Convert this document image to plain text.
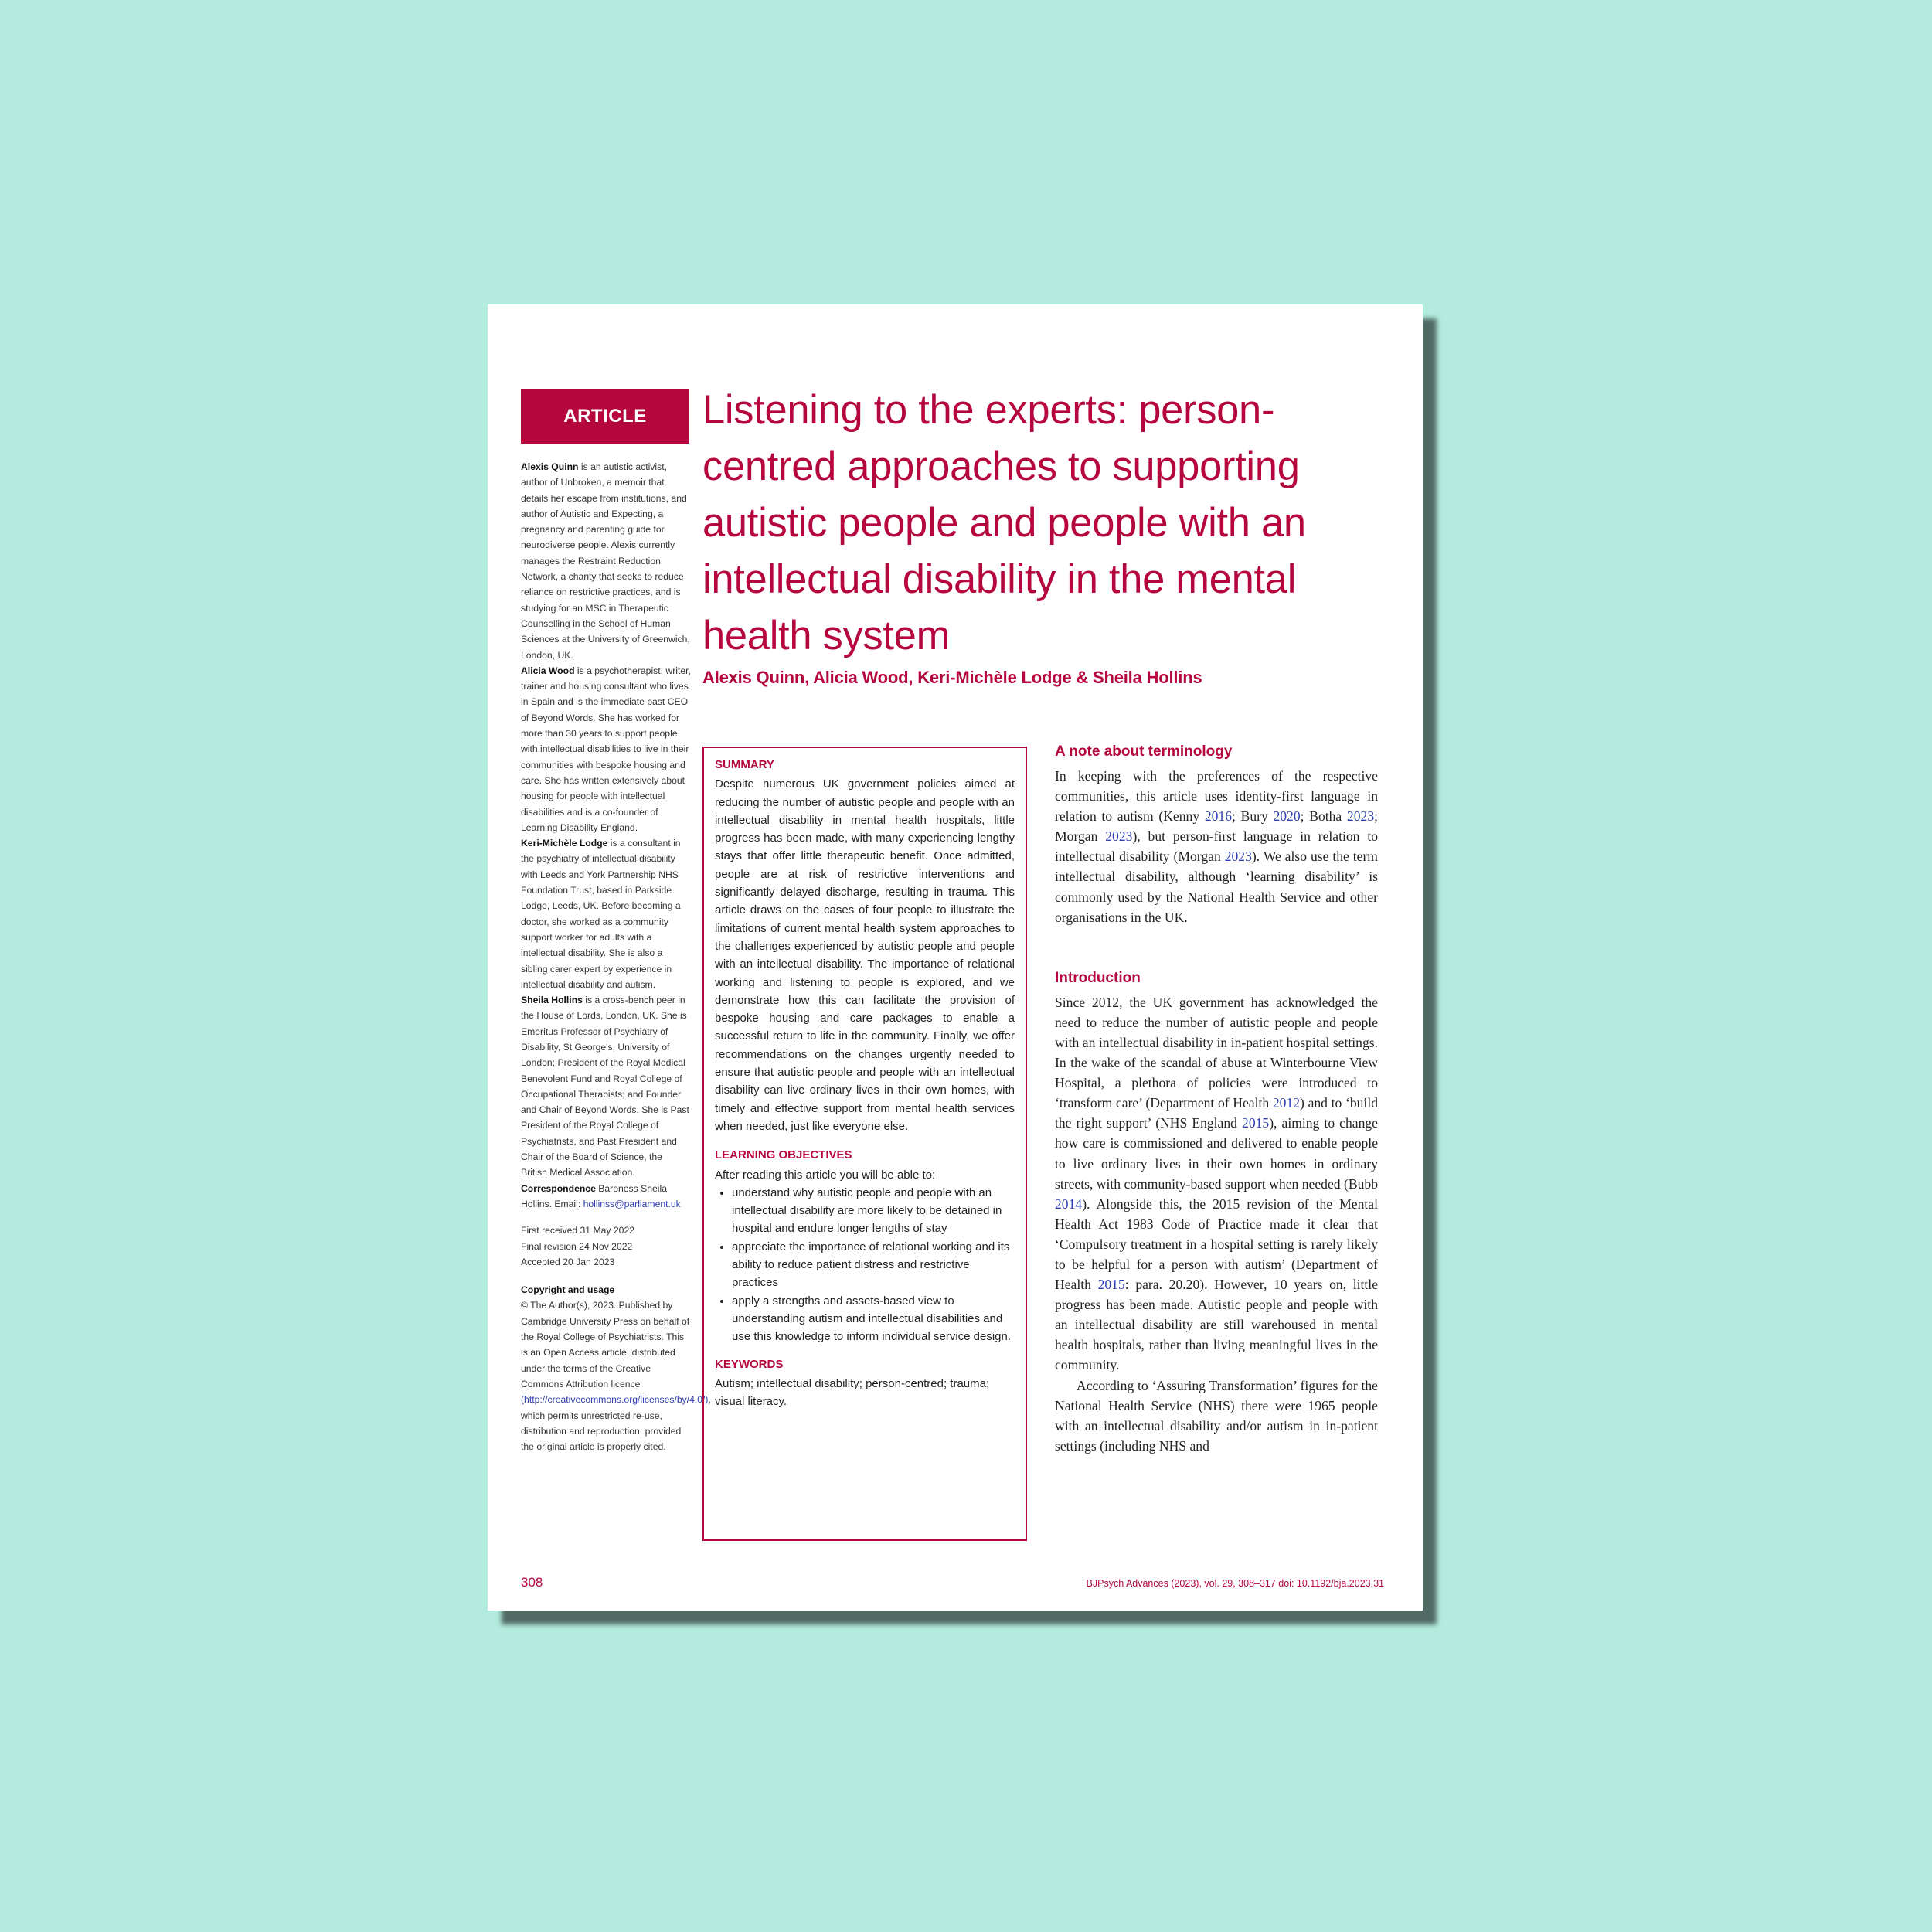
ARTICLE

Alexis Quinn is an autistic activist, author of Unbroken, a memoir that details her escape from institutions, and author of Autistic and Expecting, a pregnancy and parenting guide for neurodiverse people. Alexis currently manages the Restraint Reduction Network, a charity that seeks to reduce reliance on restrictive practices, and is studying for an MSC in Therapeutic Counselling in the School of Human Sciences at the University of Greenwich, London, UK.

Alicia Wood is a psychotherapist, writer, trainer and housing consultant who lives in Spain and is the immediate past CEO of Beyond Words. She has worked for more than 30 years to support people with intellectual disabilities to live in their communities with bespoke housing and care. She has written extensively about housing for people with intellectual disabilities and is a co-founder of Learning Disability England.

Keri-Michèle Lodge is a consultant in the psychiatry of intellectual disability with Leeds and York Partnership NHS Foundation Trust, based in Parkside Lodge, Leeds, UK. Before becoming a doctor, she worked as a community support worker for adults with a intellectual disability. She is also a sibling carer expert by experience in intellectual disability and autism.

Sheila Hollins is a cross-bench peer in the House of Lords, London, UK. She is Emeritus Professor of Psychiatry of Disability, St George's, University of London; President of the Royal Medical Benevolent Fund and Royal College of Occupational Therapists; and Founder and Chair of Beyond Words. She is Past President of the Royal College of Psychiatrists, and Past President and Chair of the Board of Science, the British Medical Association.

Correspondence Baroness Sheila Hollins. Email: hollinss@parliament.uk

First received 31 May 2022

Final revision 24 Nov 2022

Accepted 20 Jan 2023

Copyright and usage

© The Author(s), 2023. Published by Cambridge University Press on behalf of the Royal College of Psychiatrists. This is an Open Access article, distributed under the terms of the Creative Commons Attribution licence (http://creativecommons.org/licenses/by/4.0/), which permits unrestricted re-use, distribution and reproduction, provided the original article is properly cited.

Listening to the experts: person-centred approaches to supporting autistic people and people with an intellectual disability in the mental health system
Alexis Quinn, Alicia Wood, Keri-Michèle Lodge & Sheila Hollins

SUMMARY

Despite numerous UK government policies aimed at reducing the number of autistic people and people with an intellectual disability in mental health hospitals, little progress has been made, with many experiencing lengthy stays that offer little therapeutic benefit. Once admitted, people are at risk of restrictive interventions and significantly delayed discharge, resulting in trauma. This article draws on the cases of four people to illustrate the limitations of current mental health system approaches to the challenges experienced by autistic people and people with an intellectual disability. The importance of relational working and listening to people is explored, and we demonstrate how this can facilitate the provision of bespoke housing and care packages to enable a successful return to life in the community. Finally, we offer recommendations on the changes urgently needed to ensure that autistic people and people with an intellectual disability can live ordinary lives in their own homes, with timely and effective support from mental health services when needed, just like everyone else.

LEARNING OBJECTIVES

After reading this article you will be able to:

• understand why autistic people and people with an intellectual disability are more likely to be detained in hospital and endure longer lengths of stay
• appreciate the importance of relational working and its ability to reduce patient distress and restrictive practices
• apply a strengths and assets-based view to understanding autism and intellectual disabilities and use this knowledge to inform individual service design.

KEYWORDS

Autism; intellectual disability; person-centred; trauma; visual literacy.

A note about terminology

In keeping with the preferences of the respective communities, this article uses identity-first language in relation to autism (Kenny 2016; Bury 2020; Botha 2023; Morgan 2023), but person-first language in relation to intellectual disability (Morgan 2023). We also use the term intellectual disability, although ‘learning disability’ is commonly used by the National Health Service and other organisations in the UK.

Introduction

Since 2012, the UK government has acknowledged the need to reduce the number of autistic people and people with an intellectual disability in in-patient hospital settings. In the wake of the scandal of abuse at Winterbourne View Hospital, a plethora of policies were introduced to ‘transform care’ (Department of Health 2012) and to ‘build the right support’ (NHS England 2015), aiming to change how care is commissioned and delivered to enable people to live ordinary lives in their own homes in ordinary streets, with community-based support when needed (Bubb 2014). Alongside this, the 2015 revision of the Mental Health Act 1983 Code of Practice made it clear that ‘Compulsory treatment in a hospital setting is rarely likely to be helpful for a person with autism’ (Department of Health 2015: para. 20.20). However, 10 years on, little progress has been made. Autistic people and people with an intellectual disability are still warehoused in mental health hospitals, rather than living meaningful lives in the community.

According to ‘Assuring Transformation’ figures for the National Health Service (NHS) there were 1965 people with an intellectual disability and/or autism in in-patient settings (including NHS and

308	BJPsych Advances (2023), vol. 29, 308–317 doi: 10.1192/bja.2023.31
